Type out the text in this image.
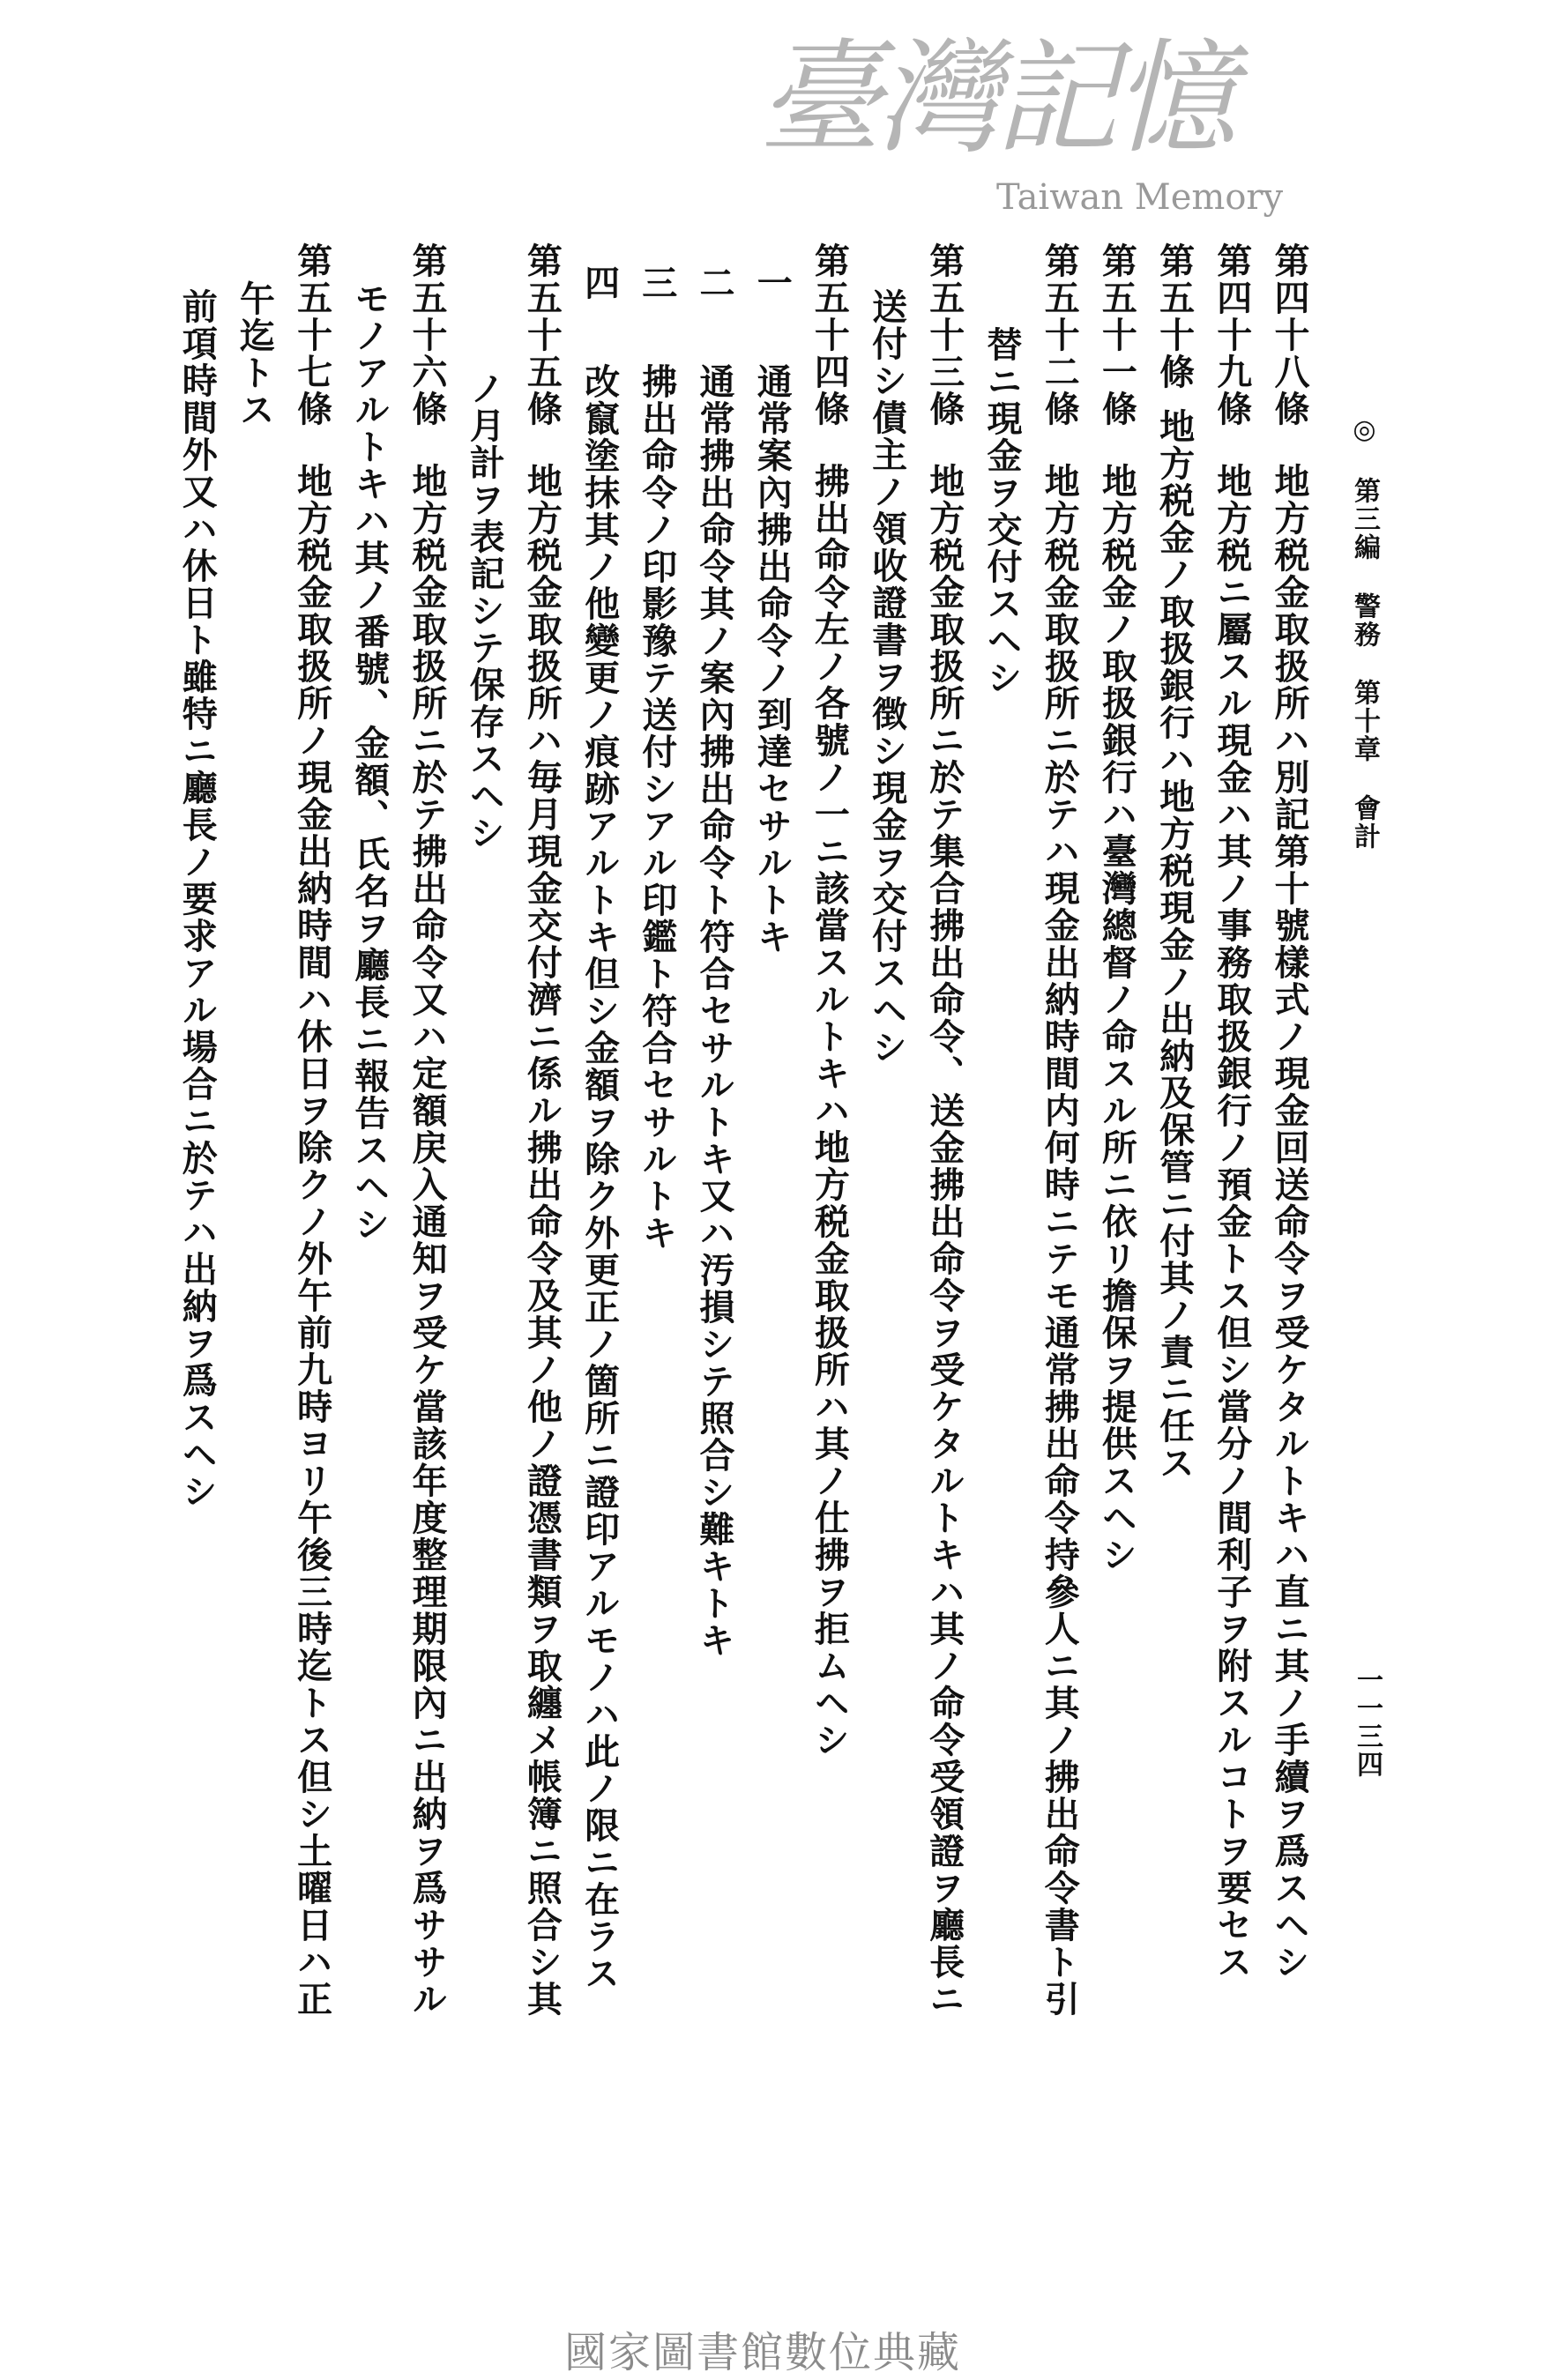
臺灣記憶
Taiwan Memory
◎ 第三編 警務 第十章 會計
一一三四
第四十八條地方税金取扱所ハ別記第十號樣式ノ現金回送命令ヲ受ケタルトキハ直ニ其ノ手續ヲ爲スヘシ
第四十九條地方税ニ屬スル現金ハ其ノ事務取扱銀行ノ預金トス但シ當分ノ間利子ヲ附スルコトヲ要セス
第五十條地方税金ノ取扱銀行ハ地方税現金ノ出納及保管ニ付其ノ責ニ任ス
第五十一條地方税金ノ取扱銀行ハ臺灣總督ノ命スル所ニ依リ擔保ヲ提供スヘシ
第五十二條地方税金取扱所ニ於テハ現金出納時間内何時ニテモ通常拂出命令持參人ニ其ノ拂出命令書ト引
替ニ現金ヲ交付スヘシ
第五十三條地方税金取扱所ニ於テ集合拂出命令、送金拂出命令ヲ受ケタルトキハ其ノ命令受領證ヲ廳長ニ
送付シ債主ノ領收證書ヲ徴シ現金ヲ交付スヘシ
第五十四條拂出命令左ノ各號ノ一ニ該當スルトキハ地方税金取扱所ハ其ノ仕拂ヲ拒ムヘシ
一通常案內拂出命令ノ到達セサルトキ
二通常拂出命令其ノ案內拂出命令ト符合セサルトキ又ハ汚損シテ照合シ難キトキ
三拂出命令ノ印影豫テ送付シアル印鑑ト符合セサルトキ
四改竄塗抹其ノ他變更ノ痕跡アルトキ但シ金額ヲ除ク外更正ノ箇所ニ證印アルモノハ此ノ限ニ在ラス
第五十五條地方税金取扱所ハ毎月現金交付濟ニ係ル拂出命令及其ノ他ノ證憑書類ヲ取纏メ帳簿ニ照合シ其
ノ月計ヲ表記シテ保存スヘシ
第五十六條地方税金取扱所ニ於テ拂出命令又ハ定額戻入通知ヲ受ケ當該年度整理期限內ニ出納ヲ爲ササル
モノアルトキハ其ノ番號、金額、氏名ヲ廳長ニ報告スヘシ
第五十七條地方税金取扱所ノ現金出納時間ハ休日ヲ除クノ外午前九時ヨリ午後三時迄トス但シ土曜日ハ正
午迄トス
前項時間外又ハ休日ト雖特ニ廳長ノ要求アル場合ニ於テハ出納ヲ爲スヘシ
國家圖書館數位典藏
